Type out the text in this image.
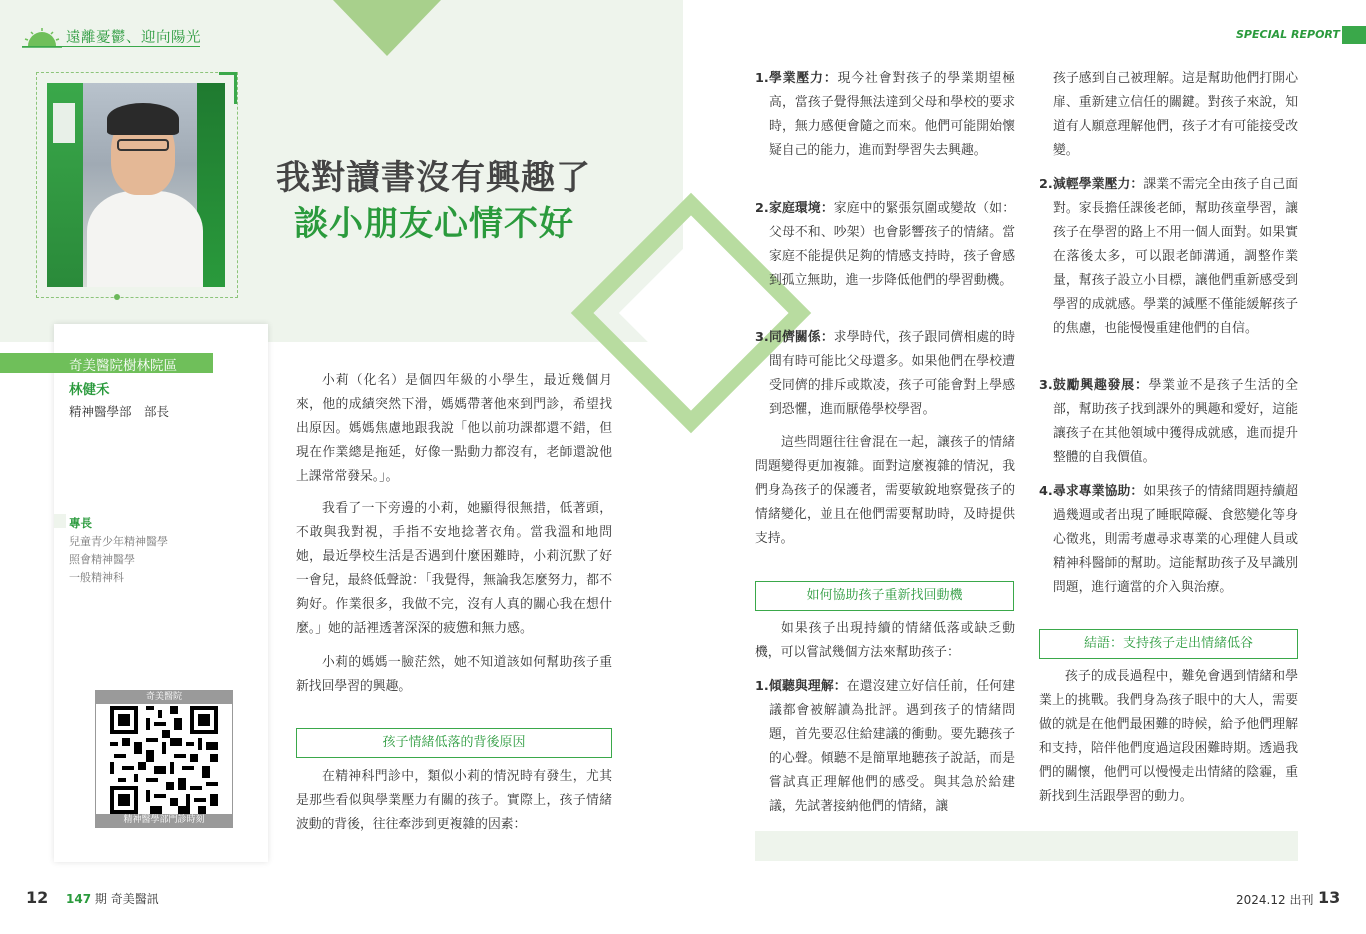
遠離憂鬱、迎向陽光
我對讀書沒有興趣了
談小朋友心情不好
奇美醫院樹林院區
林健禾
精神醫學部　部長
專長
兒童青少年精神醫學
照會精神醫學
一般精神科
奇美醫院
精神醫學部門診時刻
小莉（化名）是個四年級的小學生，最近幾個月來，他的成績突然下滑，媽媽帶著他來到門診，希望找出原因。媽媽焦慮地跟我說「他以前功課都還不錯，但現在作業總是拖延，好像一點動力都沒有，老師還說他上課常常發呆。」。
我看了一下旁邊的小莉，她顯得很無措，低著頭，不敢與我對視，手指不安地捻著衣角。當我溫和地問她，最近學校生活是否遇到什麼困難時，小莉沉默了好一會兒，最終低聲說：「我覺得，無論我怎麼努力，都不夠好。作業很多，我做不完，沒有人真的關心我在想什麼。」她的話裡透著深深的疲憊和無力感。
小莉的媽媽一臉茫然，她不知道該如何幫助孩子重新找回學習的興趣。
孩子情緒低落的背後原因
在精神科門診中，類似小莉的情況時有發生，尤其是那些看似與學業壓力有關的孩子。實際上，孩子情緒波動的背後，往往牽涉到更複雜的因素：
12 147 期 奇美醫訊
SPECIAL REPORT
1. 學業壓力：現今社會對孩子的學業期望極高，當孩子覺得無法達到父母和學校的要求時，無力感便會隨之而來。他們可能開始懷疑自己的能力，進而對學習失去興趣。
2. 家庭環境：家庭中的緊張氛圍或變故（如：父母不和、吵架）也會影響孩子的情緒。當家庭不能提供足夠的情感支持時，孩子會感到孤立無助，進一步降低他們的學習動機。
3. 同儕關係：求學時代，孩子跟同儕相處的時間有時可能比父母還多。如果他們在學校遭受同儕的排斥或欺凌，孩子可能會對上學感到恐懼，進而厭倦學校學習。
這些問題往往會混在一起，讓孩子的情緒問題變得更加複雜。面對這麼複雜的情況，我們身為孩子的保護者，需要敏銳地察覺孩子的情緒變化，並且在他們需要幫助時，及時提供支持。
如何協助孩子重新找回動機
如果孩子出現持續的情緒低落或缺乏動機，可以嘗試幾個方法來幫助孩子：
1. 傾聽與理解：在還沒建立好信任前，任何建議都會被解讀為批評。遇到孩子的情緒問題，首先要忍住給建議的衝動。要先聽孩子的心聲。傾聽不是簡單地聽孩子說話，而是嘗試真正理解他們的感受。與其急於給建議，先試著接納他們的情緒，讓
孩子感到自己被理解。這是幫助他們打開心扉、重新建立信任的關鍵。對孩子來說，知道有人願意理解他們，孩子才有可能接受改變。
2. 減輕學業壓力：課業不需完全由孩子自己面對。家長擔任課後老師，幫助孩童學習，讓孩子在學習的路上不用一個人面對。如果實在落後太多，可以跟老師溝通，調整作業量，幫孩子設立小目標，讓他們重新感受到學習的成就感。學業的減壓不僅能緩解孩子的焦慮，也能慢慢重建他們的自信。
3. 鼓勵興趣發展：學業並不是孩子生活的全部，幫助孩子找到課外的興趣和愛好，這能讓孩子在其他領域中獲得成就感，進而提升整體的自我價值。
4. 尋求專業協助：如果孩子的情緒問題持續超過幾週或者出現了睡眠障礙、食慾變化等身心徵兆，則需考慮尋求專業的心理健人員或精神科醫師的幫助。這能幫助孩子及早識別問題，進行適當的介入與治療。
結語：支持孩子走出情緒低谷
孩子的成長過程中，難免會遇到情緒和學業上的挑戰。我們身為孩子眼中的大人，需要做的就是在他們最困難的時候，給予他們理解和支持，陪伴他們度過這段困難時期。透過我們的關懷，他們可以慢慢走出情緒的陰霾，重新找到生活跟學習的動力。
2024.12 出刊 13
